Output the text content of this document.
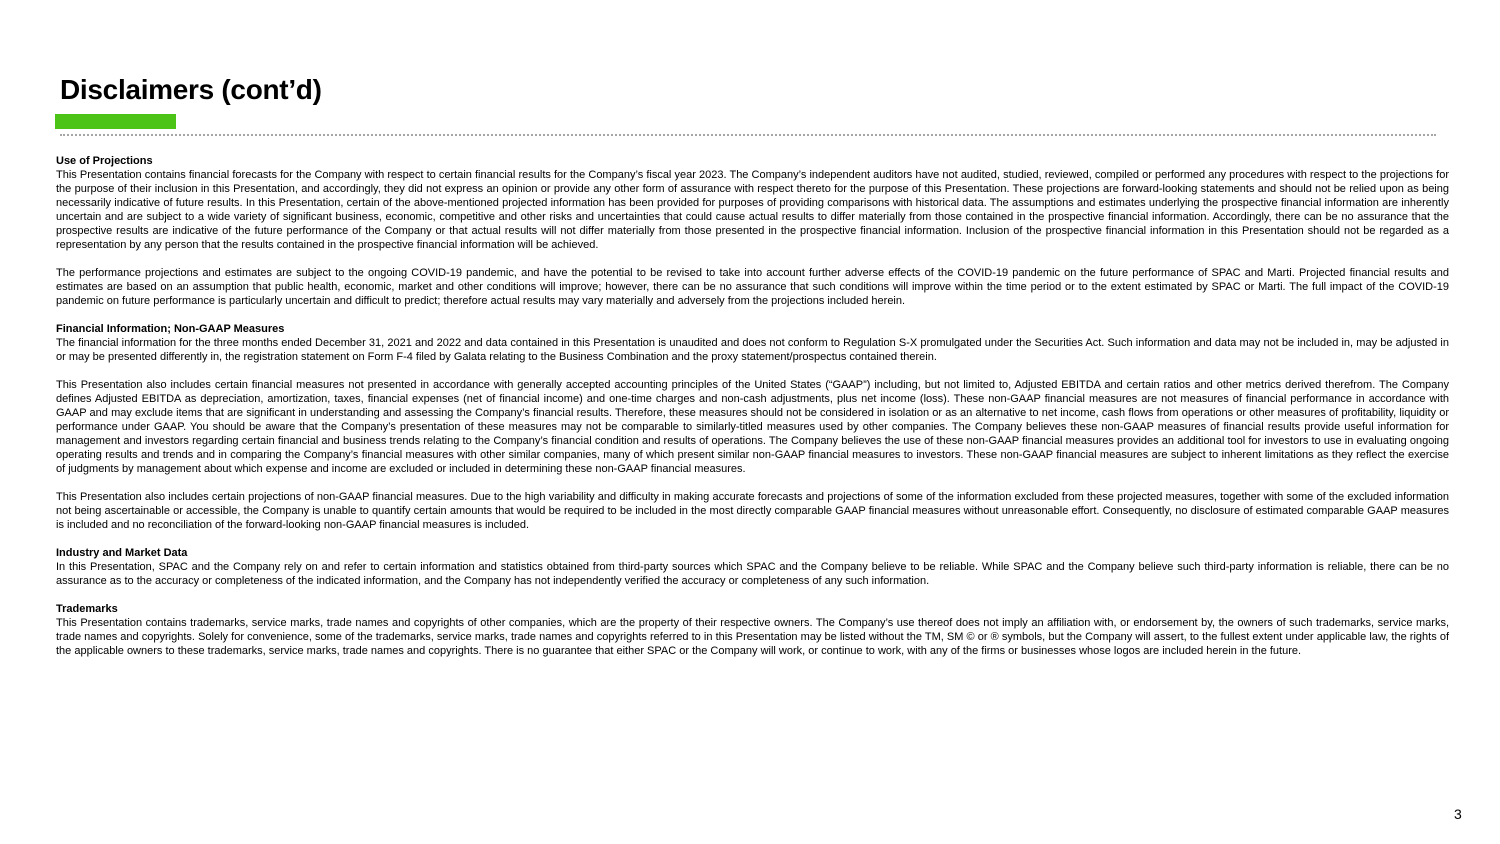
Disclaimers (cont’d)

Use of Projections

This Presentation contains financial forecasts for the Company with respect to certain financial results for the Company’s fiscal year 2023. The Company’s independent auditors have not audited, studied, reviewed, compiled or performed any procedures with respect to the projections for the purpose of their inclusion in this Presentation, and accordingly, they did not express an opinion or provide any other form of assurance with respect thereto for the purpose of this Presentation. These projections are forward-looking statements and should not be relied upon as being necessarily indicative of future results. In this Presentation, certain of the above-mentioned projected information has been provided for purposes of providing comparisons with historical data. The assumptions and estimates underlying the prospective financial information are inherently uncertain and are subject to a wide variety of significant business, economic, competitive and other risks and uncertainties that could cause actual results to differ materially from those contained in the prospective financial information. Accordingly, there can be no assurance that the prospective results are indicative of the future performance of the Company or that actual results will not differ materially from those presented in the prospective financial information. Inclusion of the prospective financial information in this Presentation should not be regarded as a representation by any person that the results contained in the prospective financial information will be achieved.

The performance projections and estimates are subject to the ongoing COVID-19 pandemic, and have the potential to be revised to take into account further adverse effects of the COVID-19 pandemic on the future performance of SPAC and Marti. Projected financial results and estimates are based on an assumption that public health, economic, market and other conditions will improve; however, there can be no assurance that such conditions will improve within the time period or to the extent estimated by SPAC or Marti. The full impact of the COVID-19 pandemic on future performance is particularly uncertain and difficult to predict; therefore actual results may vary materially and adversely from the projections included herein.

Financial Information; Non-GAAP Measures

The financial information for the three months ended December 31, 2021 and 2022 and data contained in this Presentation is unaudited and does not conform to Regulation S-X promulgated under the Securities Act. Such information and data may not be included in, may be adjusted in or may be presented differently in, the registration statement on Form F-4 filed by Galata relating to the Business Combination and the proxy statement/prospectus contained therein.

This Presentation also includes certain financial measures not presented in accordance with generally accepted accounting principles of the United States (“GAAP”) including, but not limited to, Adjusted EBITDA and certain ratios and other metrics derived therefrom. The Company defines Adjusted EBITDA as depreciation, amortization, taxes, financial expenses (net of financial income) and one-time charges and non-cash adjustments, plus net income (loss). These non-GAAP financial measures are not measures of financial performance in accordance with GAAP and may exclude items that are significant in understanding and assessing the Company’s financial results. Therefore, these measures should not be considered in isolation or as an alternative to net income, cash flows from operations or other measures of profitability, liquidity or performance under GAAP. You should be aware that the Company’s presentation of these measures may not be comparable to similarly-titled measures used by other companies. The Company believes these non-GAAP measures of financial results provide useful information for management and investors regarding certain financial and business trends relating to the Company’s financial condition and results of operations. The Company believes the use of these non-GAAP financial measures provides an additional tool for investors to use in evaluating ongoing operating results and trends and in comparing the Company’s financial measures with other similar companies, many of which present similar non-GAAP financial measures to investors. These non-GAAP financial measures are subject to inherent limitations as they reflect the exercise of judgments by management about which expense and income are excluded or included in determining these non-GAAP financial measures.

This Presentation also includes certain projections of non-GAAP financial measures. Due to the high variability and difficulty in making accurate forecasts and projections of some of the information excluded from these projected measures, together with some of the excluded information not being ascertainable or accessible, the Company is unable to quantify certain amounts that would be required to be included in the most directly comparable GAAP financial measures without unreasonable effort. Consequently, no disclosure of estimated comparable GAAP measures is included and no reconciliation of the forward-looking non-GAAP financial measures is included.

Industry and Market Data

In this Presentation, SPAC and the Company rely on and refer to certain information and statistics obtained from third-party sources which SPAC and the Company believe to be reliable. While SPAC and the Company believe such third-party information is reliable, there can be no assurance as to the accuracy or completeness of the indicated information, and the Company has not independently verified the accuracy or completeness of any such information.

Trademarks

This Presentation contains trademarks, service marks, trade names and copyrights of other companies, which are the property of their respective owners. The Company’s use thereof does not imply an affiliation with, or endorsement by, the owners of such trademarks, service marks, trade names and copyrights. Solely for convenience, some of the trademarks, service marks, trade names and copyrights referred to in this Presentation may be listed without the TM, SM © or ® symbols, but the Company will assert, to the fullest extent under applicable law, the rights of the applicable owners to these trademarks, service marks, trade names and copyrights. There is no guarantee that either SPAC or the Company will work, or continue to work, with any of the firms or businesses whose logos are included herein in the future.

3
